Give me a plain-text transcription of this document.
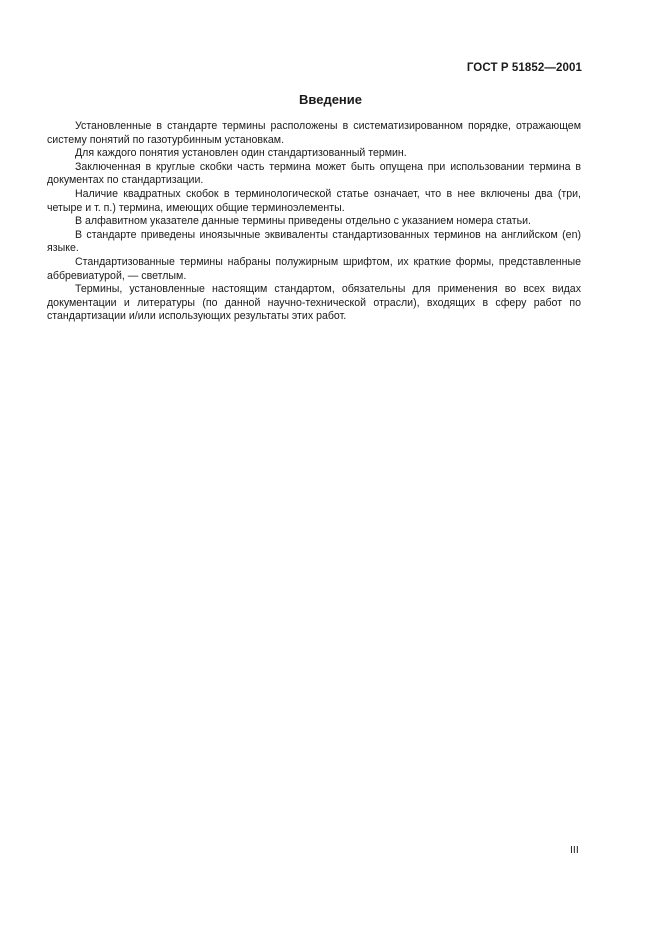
ГОСТ Р 51852—2001
Введение

Установленные в стандарте термины расположены в систематизированном порядке, отражающем систему понятий по газотурбинным установкам.

Для каждого понятия установлен один стандартизованный термин.

Заключенная в круглые скобки часть термина может быть опущена при использовании термина в документах по стандартизации.

Наличие квадратных скобок в терминологической статье означает, что в нее включены два (три, четыре и т. п.) термина, имеющих общие терминоэлементы.

В алфавитном указателе данные термины приведены отдельно с указанием номера статьи.

В стандарте приведены иноязычные эквиваленты стандартизованных терминов на английском (en) языке.

Стандартизованные термины набраны полужирным шрифтом, их краткие формы, представленные аббревиатурой, — светлым.

Термины, установленные настоящим стандартом, обязательны для применения во всех видах документации и литературы (по данной научно-технической отрасли), входящих в сферу работ по стандартизации и/или использующих результаты этих работ.

III
